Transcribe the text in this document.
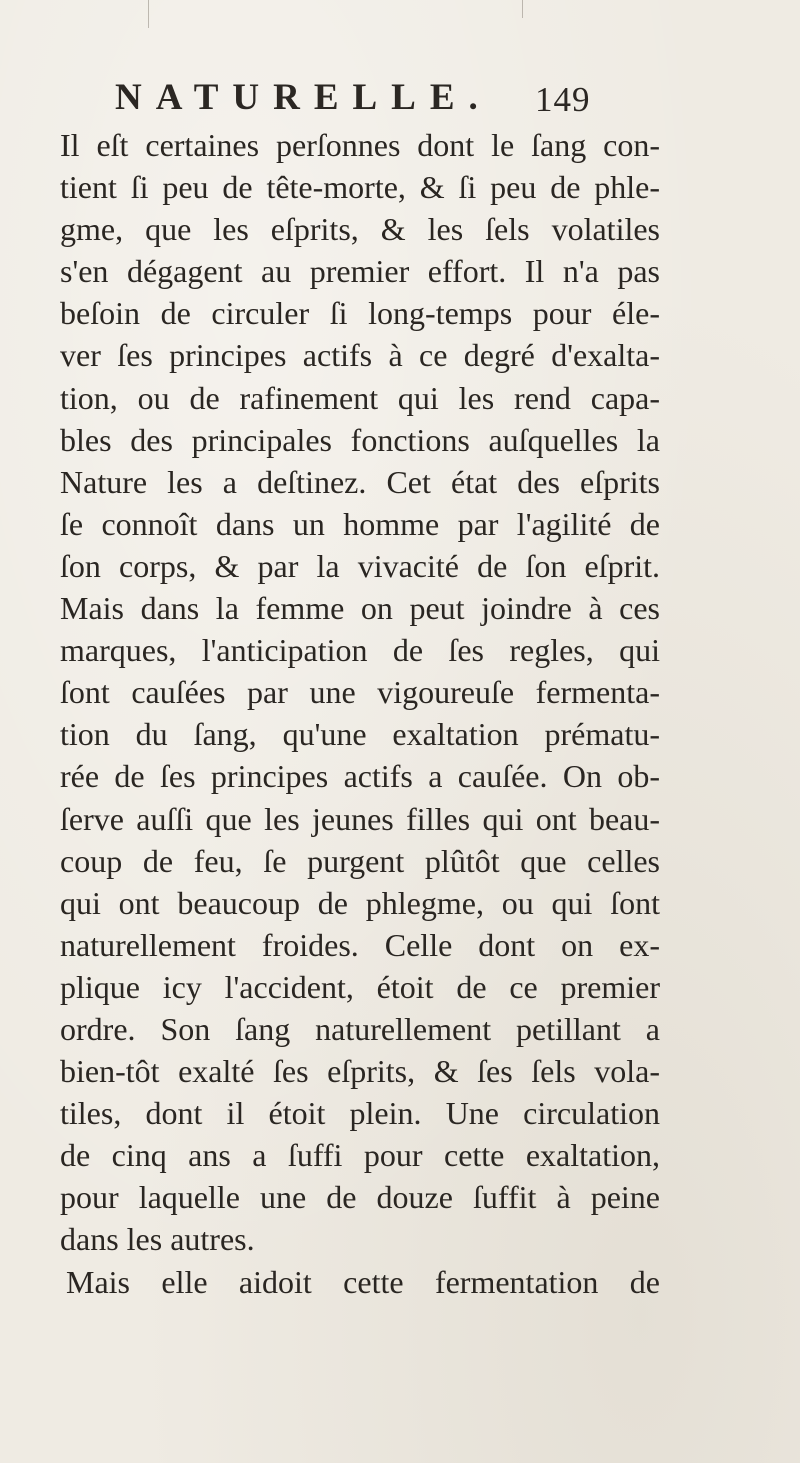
NATURELLE. 149
Il eſt certaines perſonnes dont le ſang con-
tient ſi peu de tête-morte, & ſi peu de phle-
gme, que les eſprits, & les ſels volatiles
s'en dégagent au premier effort. Il n'a pas
beſoin de circuler ſi long-temps pour éle-
ver ſes principes actifs à ce degré d'exalta-
tion, ou de rafinement qui les rend capa-
bles des principales fonctions auſquelles la
Nature les a deſtinez. Cet état des eſprits
ſe connoît dans un homme par l'agilité de
ſon corps, & par la vivacité de ſon eſprit.
Mais dans la femme on peut joindre à ces
marques, l'anticipation de ſes regles, qui
ſont cauſées par une vigoureuſe fermenta-
tion du ſang, qu'une exaltation prématu-
rée de ſes principes actifs a cauſée. On ob-
ſerve auſſi que les jeunes filles qui ont beau-
coup de feu, ſe purgent plûtôt que celles
qui ont beaucoup de phlegme, ou qui ſont
naturellement froides. Celle dont on ex-
plique icy l'accident, étoit de ce premier
ordre. Son ſang naturellement petillant a
bien-tôt exalté ſes eſprits, & ſes ſels vola-
tiles, dont il étoit plein. Une circulation
de cinq ans a ſuffi pour cette exaltation,
pour laquelle une de douze ſuffit à peine
dans les autres.
Mais elle aidoit cette fermentation de
